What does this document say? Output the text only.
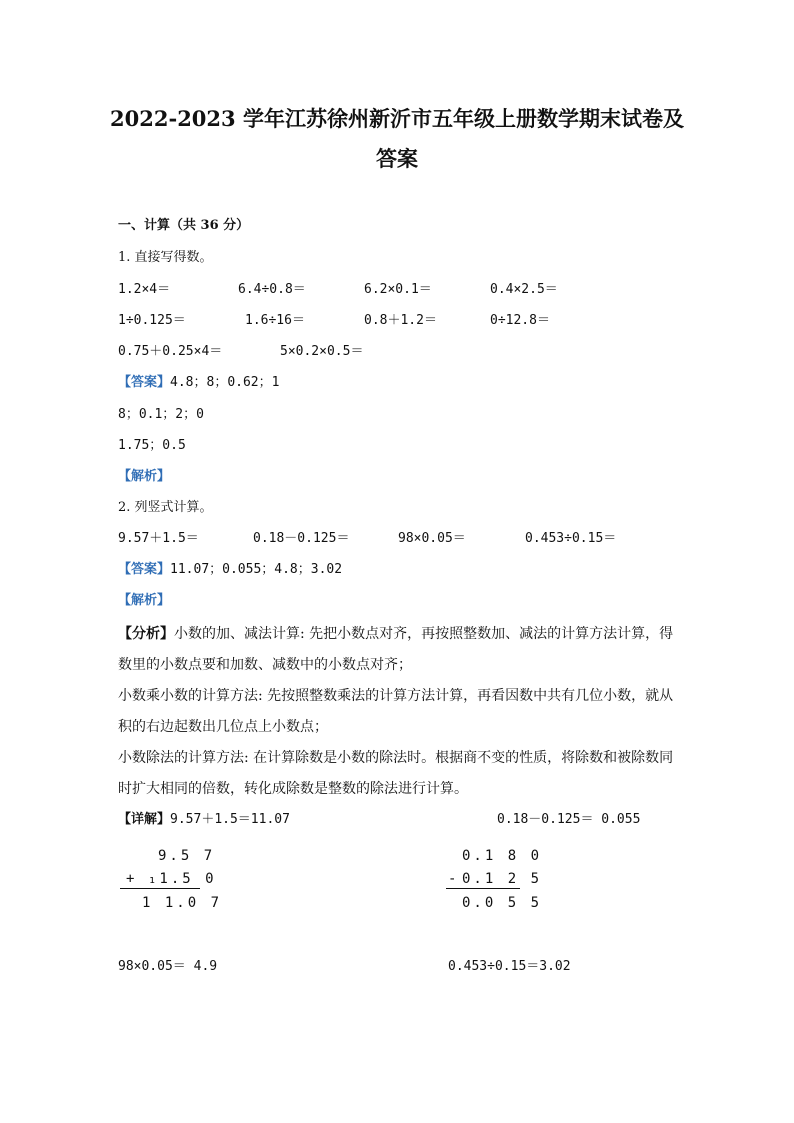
2022-2023 学年江苏徐州新沂市五年级上册数学期末试卷及
答案
一、计算（共 36 分）
1. 直接写得数。
1.2×4＝	6.4÷0.8＝	6.2×0.1＝	0.4×2.5＝
1÷0.125＝	1.6÷16＝	0.8＋1.2＝	0÷12.8＝
0.75＋0.25×4＝	5×0.2×0.5＝
【答案】4.8；8；0.62；1
8；0.1；2；0
1.75；0.5
【解析】
2. 列竖式计算。
9.57＋1.5＝	0.18－0.125＝	98×0.05＝	0.453÷0.15＝
【答案】11.07；0.055；4.8；3.02
【解析】
【分析】小数的加、减法计算: 先把小数点对齐，再按照整数加、减法的计算方法计算，得
数里的小数点要和加数、减数中的小数点对齐；
小数乘小数的计算方法: 先按照整数乘法的计算方法计算，再看因数中共有几位小数，就从
积的右边起数出几位点上小数点；
小数除法的计算方法: 在计算除数是小数的除法时。根据商不变的性质，将除数和被除数同
时扩大相同的倍数，转化成除数是整数的除法进行计算。
【详解】9.57＋1.5＝11.07	0.18－0.125＝ 0.055
9.5 7
+ ₁1.5 0
1 1.0 7
0.1 8 0
- 0.1 2 5
0.0 5 5
98×0.05＝ 4.9	0.453÷0.15＝3.02
